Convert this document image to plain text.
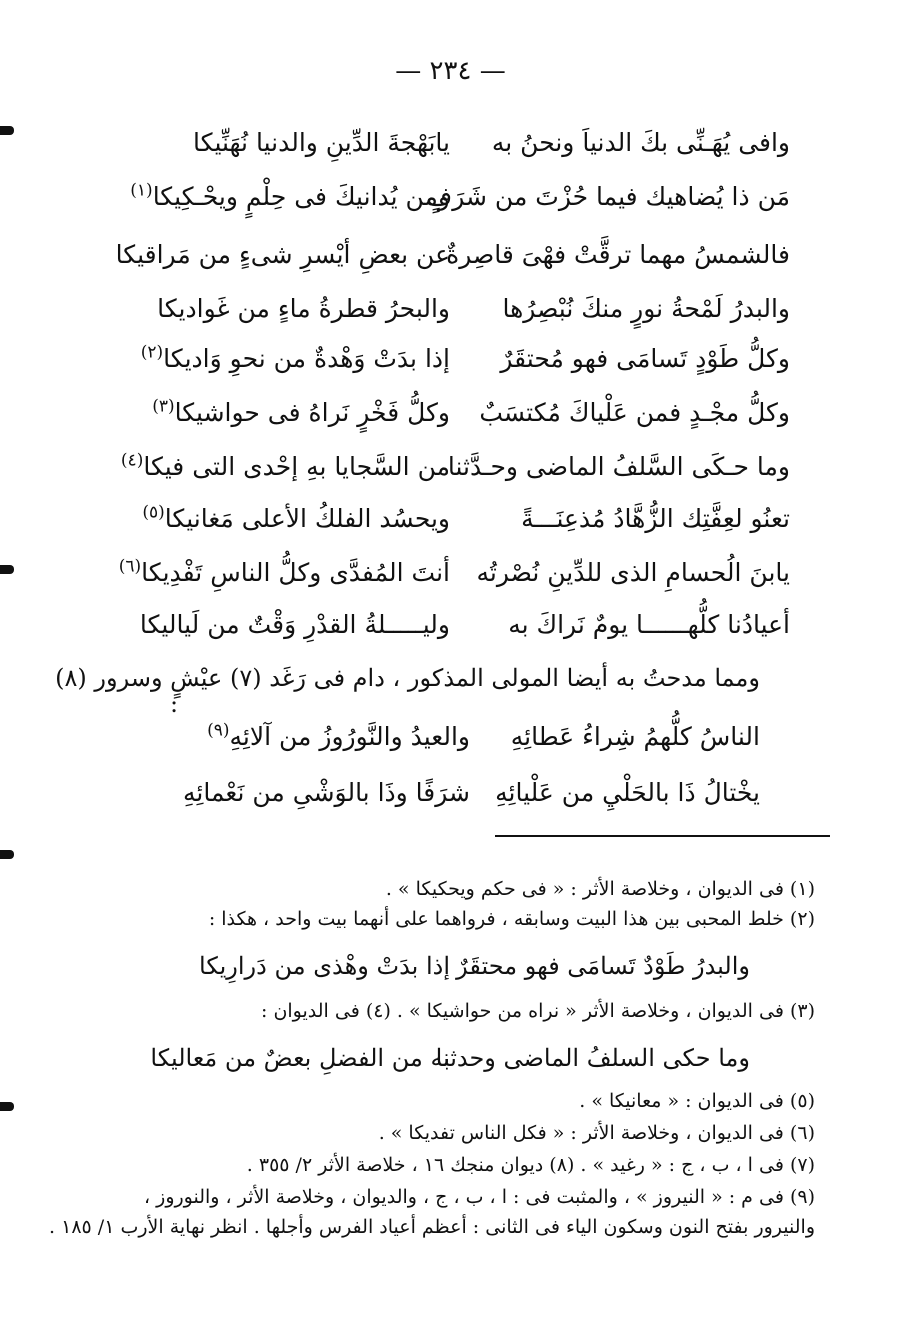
— ٢٣٤ —
وافى يُهَـنِّى بكَ الدنياَ ونحنُ به
يابَهْجةَ الدِّينِ والدنيا نُهَنِّيكا
مَن ذا يُضاهيك فيما حُزْتَ من شَرَفٍ
ومن يُدانيكَ فى حِلْمٍ ويحْـكِيكا$^{(١)}$
فالشمسُ مهما ترقَّتْ فهْىَ قاصِرةٌ
عن بعضِ أيْسرِ شىءٍ من مَراقيكا
والبدرُ لَمْحةُ نورٍ منكَ نُبْصِرُها
والبحرُ قطرةُ ماءٍ من غَواديكا
وكلُّ طَوْدٍ تَسامَى فهو مُحتقَرٌ
إذا بدَتْ وَهْدةٌ من نحوِ وَاديكا$^{(٢)}$
وكلُّ مجْـدٍ فمن عَلْياكَ مُكتسَبٌ
وكلُّ فَخْرٍ نَراهُ فى حواشيكا$^{(٣)}$
وما حـكَى السَّلفُ الماضى وحـدَّثنا
من السَّجايا بهِ إحْدى التى فيكا$^{(٤)}$
تعنُو لعِفَّتِك الزُّهَّادُ مُذعِنَـــةً
ويحسُد الفلكُ الأعلى مَغانيكا$^{(٥)}$
يابنَ الُحسامِ الذى للدِّينِ نُصْرتُه
أنتَ المُفدَّى وكلُّ الناسِ تَفْدِيكا$^{(٦)}$
أعيادُنا كلُّهــــــا يومٌ نَراكَ به
وليـــــلةُ القدْرِ وَقْتٌ من لَياليكا
ومما مدحتُ به أيضا المولى المذكور ، دام فى رَغَد (٧) عيْشٍ وسرور (٨)
:
الناسُ كلُّهمُ شِراءُ عَطائِهِ
والعيدُ والنَّورُوزُ من آلائِهِ$^{(٩)}$
يخْتالُ ذَا بالحَلْيِ من عَلْيائِهِ
شرَفًا وذَا بالوَشْىِ من نَعْمائِهِ
(١) فى الديوان ، وخلاصة الأثر : « فى حكم ويحكيكا » .
(٢) خلط المحبى بين هذا البيت وسابقه ، فرواهما على أنهما بيت واحد ، هكذا :
والبدرُ طَوْدٌ تَسامَى فهو محتقَرٌ
إذا بدَتْ وهْذى من دَرارِيكا
(٣) فى الديوان ، وخلاصة الأثر « نراه من حواشيكا » . (٤) فى الديوان :
وما حكى السلفُ الماضى وحدثنا
به من الفضلِ بعضٌ من مَعاليكا
(٥) فى الديوان : « معانيكا » .
(٦) فى الديوان ، وخلاصة الأثر : « فكل الناس تفديكا » .
(٧) فى ا ، ب ، ج : « رغيد » . (٨) ديوان منجك ١٦ ، خلاصة الأثر ٢/ ٣٥٥ .
(٩) فى م : « النيروز » ، والمثبت فى : ا ، ب ، ج ، والديوان ، وخلاصة الأثر ، والنوروز ،
والنيرور بفتح النون وسكون الياء فى الثانى : أعظم أعياد الفرس وأجلها . انظر نهاية الأرب ١/ ١٨٥ .
